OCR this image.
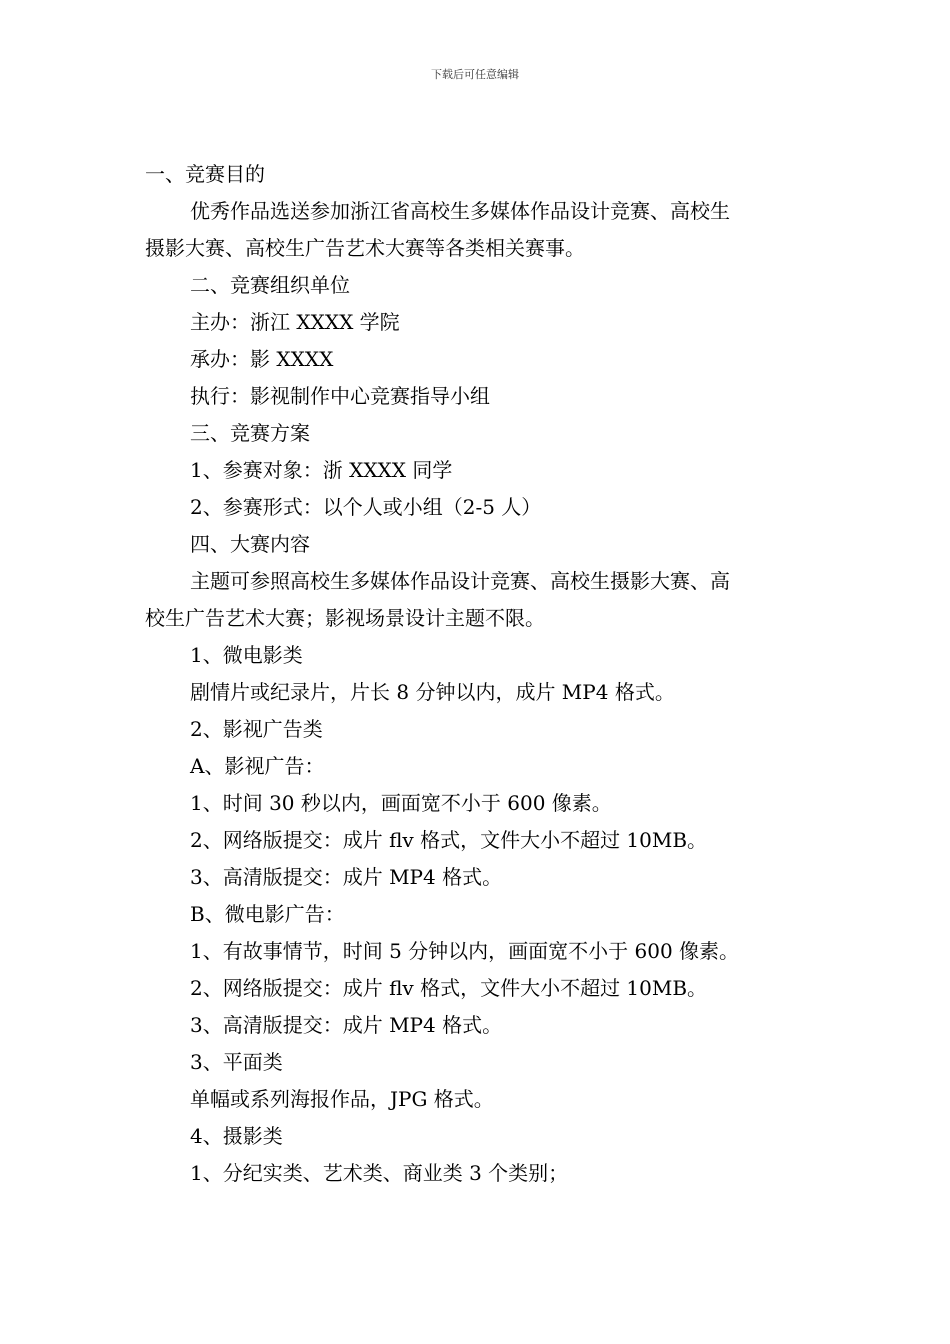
下载后可任意编辑
一、竞赛目的
优秀作品选送参加浙江省高校生多媒体作品设计竞赛、高校生
摄影大赛、高校生广告艺术大赛等各类相关赛事。
二、竞赛组织单位
主办：浙江 XXXX 学院
承办：影 XXXX
执行：影视制作中心竞赛指导小组
三、竞赛方案
1、参赛对象：浙 XXXX 同学
2、参赛形式：以个人或小组（2-5 人）
四、大赛内容
主题可参照高校生多媒体作品设计竞赛、高校生摄影大赛、高
校生广告艺术大赛；影视场景设计主题不限。
1、微电影类
剧情片或纪录片，片长 8 分钟以内，成片 MP4 格式。
2、影视广告类
A、影视广告：
1、时间 30 秒以内，画面宽不小于 600 像素。
2、网络版提交：成片 flv 格式，文件大小不超过 10MB。
3、高清版提交：成片 MP4 格式。
B、微电影广告：
1、有故事情节，时间 5 分钟以内，画面宽不小于 600 像素。
2、网络版提交：成片 flv 格式，文件大小不超过 10MB。
3、高清版提交：成片 MP4 格式。
3、平面类
单幅或系列海报作品，JPG 格式。
4、摄影类
1、分纪实类、艺术类、商业类 3 个类别；
